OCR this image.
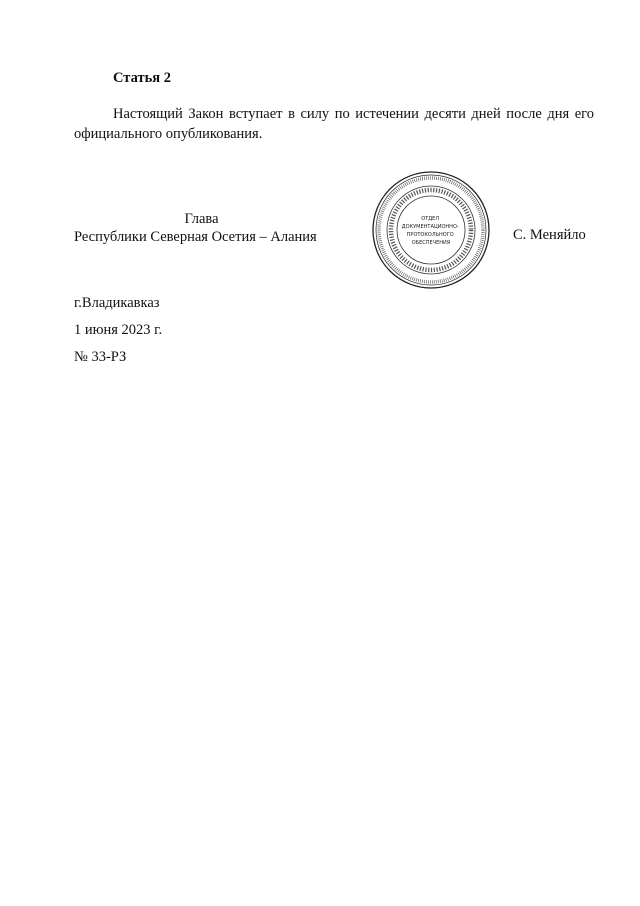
Статья 2
Настоящий Закон вступает в силу по истечении десяти дней после дня его официального опубликования.
Глава
Республики Северная Осетия – Алания
ОТДЕЛ ДОКУМЕНТАЦИОННО- ПРОТОКОЛЬНОГО ОБЕСПЕЧЕНИЯ	С. Меняйло
г.Владикавказ
1 июня 2023 г.
№ 33-РЗ
